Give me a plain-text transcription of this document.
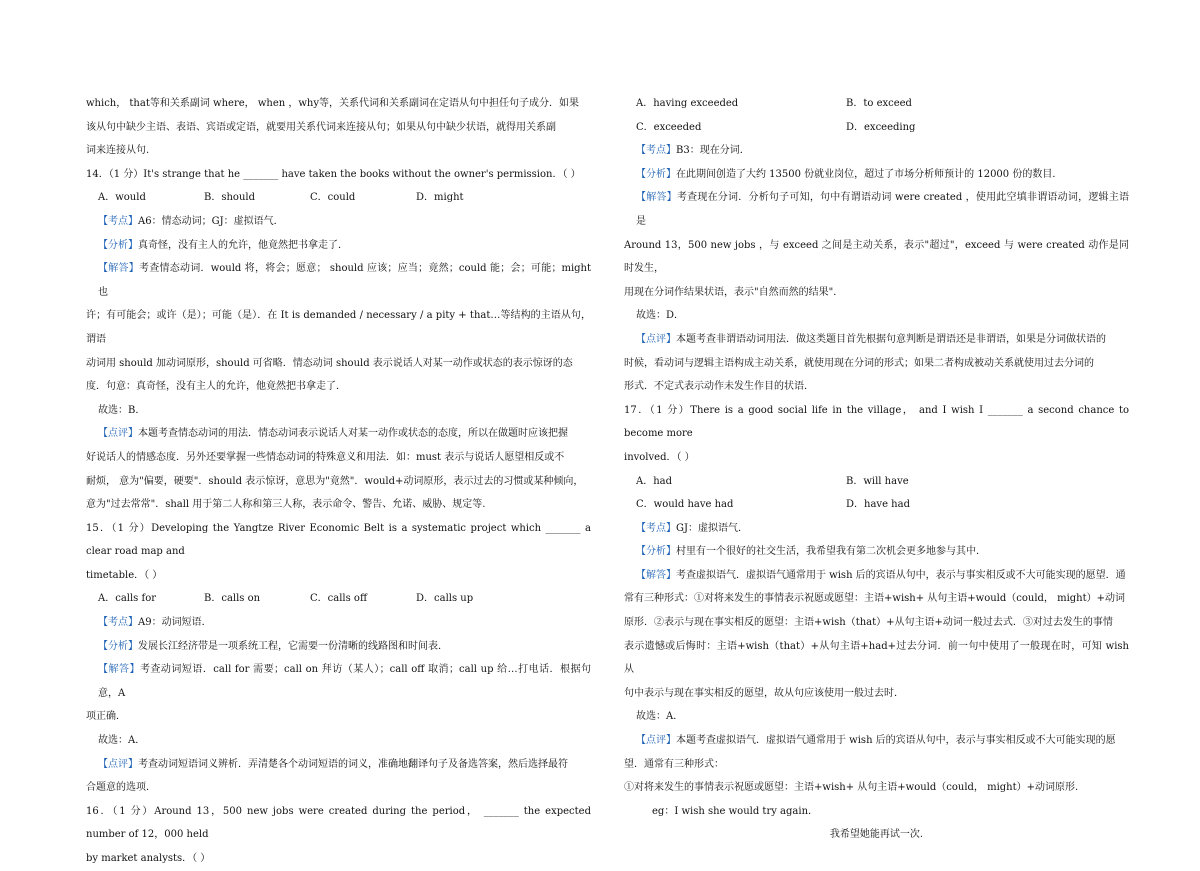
which， that等和关系副词 where， when ，why等，关系代词和关系副词在定语从句中担任句子成分．如果

该从句中缺少主语、表语、宾语或定语，就要用关系代词来连接从句；如果从句中缺少状语，就得用关系副

词来连接从句.

14．（1 分）It's strange that he _______ have taken the books without the owner's permission．（ ）

A．would	B．should	C．could	D．might

【考点】A6：情态动词；GJ：虚拟语气．

【分析】真奇怪，没有主人的允许，他竟然把书拿走了．

【解答】考查情态动词．would 将，将会；愿意； should 应该；应当；竟然；could 能；会；可能；might 也

许；有可能会；或许（是）；可能（是）．在 It is demanded / necessary / a pity + that…等结构的主语从句，谓语

动词用 should 加动词原形，should 可省略．情态动词 should 表示说话人对某一动作或状态的表示惊讶的态

度．句意：真奇怪，没有主人的允许，他竟然把书拿走了．

故选：B．

【点评】本题考查情态动词的用法．情态动词表示说话人对某一动作或状态的态度，所以在做题时应该把握

好说话人的情感态度．另外还要掌握一些情态动词的特殊意义和用法．如：must 表示与说话人愿望相反或不

耐烦， 意为"偏要，硬要"．should 表示惊讶，意思为"竟然"．would+动词原形，表示过去的习惯或某种倾向，

意为"过去常常"．shall 用于第二人称和第三人称，表示命令、警告、允诺、威胁、规定等.

15．（1 分）Developing the Yangtze River Economic Belt is a systematic project which _______ a clear road map and

timetable．（ ）

A．calls for	B．calls on	C．calls off	D．calls up

【考点】A9：动词短语．

【分析】发展长江经济带是一项系统工程，它需要一份清晰的线路图和时间表．

【解答】考查动词短语．call for 需要；call on 拜访（某人）；call off 取消；call up 给…打电话．根据句意，A

项正确．

故选：A．

【点评】考查动词短语词义辨析．弄清楚各个动词短语的词义，准确地翻译句子及备选答案，然后选择最符

合题意的选项．

16．（1 分）Around 13，500 new jobs were created during the period， _______ the expected number of 12，000 held

by market analysts．（ ）

A．having exceeded	B．to exceed
C．exceeded	D．exceeding

【考点】B3：现在分词．

【分析】在此期间创造了大约 13500 份就业岗位，超过了市场分析师预计的 12000 份的数目．

【解答】考查现在分词．分析句子可知，句中有谓语动词 were created ，使用此空填非谓语动词，逻辑主语是

Around 13，500 new jobs ，与 exceed 之间是主动关系，表示"超过"，exceed 与 were created 动作是同时发生，

用现在分词作结果状语，表示"自然而然的结果"．

故选：D．

【点评】本题考查非谓语动词用法．做这类题目首先根据句意判断是谓语还是非谓语，如果是分词做状语的

时候，看动词与逻辑主语构成主动关系，就使用现在分词的形式；如果二者构成被动关系就使用过去分词的

形式．不定式表示动作未发生作目的状语．

17．（1 分）There is a good social life in the village， and I wish I _______ a second chance to become more

involved．（ ）

A．had	B．will have
C．would have had	D．have had

【考点】GJ：虚拟语气．

【分析】村里有一个很好的社交生活，我希望我有第二次机会更多地参与其中．

【解答】考查虚拟语气．虚拟语气通常用于 wish 后的宾语从句中，表示与事实相反或不大可能实现的愿望．通

常有三种形式：①对将来发生的事情表示祝愿或愿望：主语+wish+ 从句主语+would（could， might）+动词

原形．②表示与现在事实相反的愿望：主语+wish（that）+从句主语+动词一般过去式．③对过去发生的事情

表示遗憾或后悔时：主语+wish（that）+从句主语+had+过去分词．前一句中使用了一般现在时，可知 wish 从

句中表示与现在事实相反的愿望，故从句应该使用一般过去时．

故选：A．

【点评】本题考查虚拟语气．虚拟语气通常用于 wish 后的宾语从句中，表示与事实相反或不大可能实现的愿

望．通常有三种形式：

①对将来发生的事情表示祝愿或愿望：主语+wish+ 从句主语+would（could， might）+动词原形.

eg：I wish she would try again．

我希望她能再试一次.
